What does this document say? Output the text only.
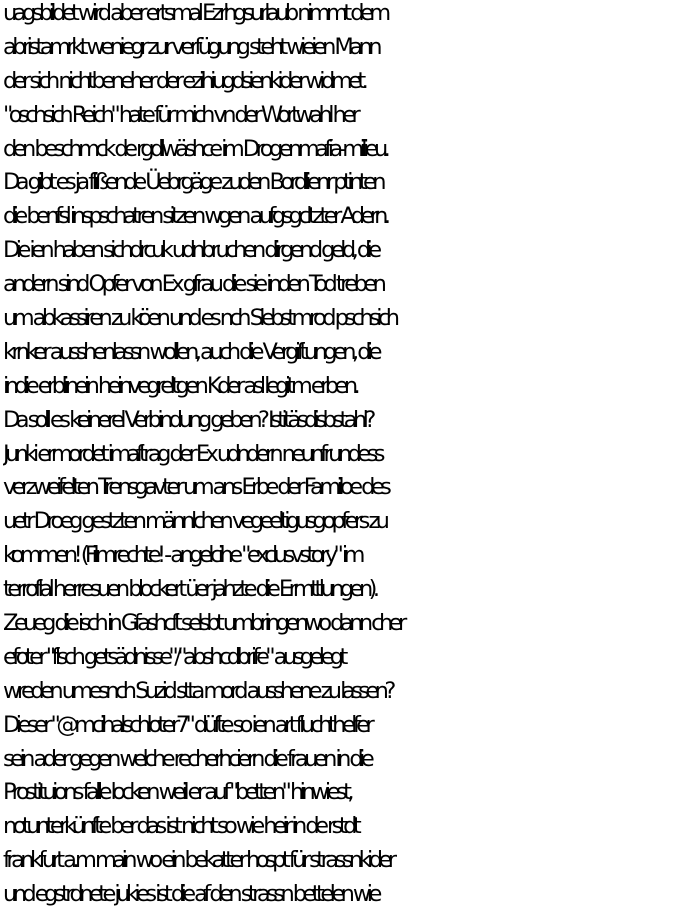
uagsbildet wird aber ertsmal Ezrhgsurlaub nimmt dem
abristamrkt weniegr zur verfügung steht wieien Mann
der sich nichtbeneher der ezihiugdsienkider widmet.
"oschsich Reich" hate für mich vn der Wortwahl her
den beschmck de rgdlwäshce im Drogenmafia-milieu.
Da gibt es ja flißende Üebrgäge zuden Bordlienr ptinten
die benfsl inspschatren sitzen wgen aufgsgcltzter Adern.
Die ien haben sichdrcuk udnbruchen dirgend geld, die
andern sind Opfer von Ex gfrau die sie inden Tod treben
um abkassiren zu köen und es nch Slebstmrod pschsich
krnker ausshenlassn wollen, auch die Vergiftungen, die
indie erblinein heinvegreltgen Kder asl legitm erben.
Da soll es keinerel Verbindung geben? Istitäsdisbstahl?
Junki ermordet imaftrag der Ex udndern neunfrundess
verzweifelten Trensgavter um ans Erbe der Familoe des
uetr Droeg gestzten männlchen vegeeltigusgopfers zu
kommen! (Filmrechte! - angelcihe "exclusvstory" im
terroflal herresuen blockert üer jahzte die Ermttlungen).
Zeueg die isch in Gfashcft selsbt umbringenwo dann cher
efoter "flsch getsädnisse"/"abshcdbrife" ausgelegt
wreden umesnch Suzid stta mord ausshene zu lassen?
Dieser "@mcihalschloter7" düfte so ien art fluchthelfer
sein ader gegen welche recherhciern die frauen in die
Prostituions falle locken weil er auf "betten" hinwiest,
notunterkünfte ber das ist nicht so wie heir in de rstdt
frankfurt a.m main wo ein bekatter hospt für strassnkider
und egstrdnete jukies ist die af den strassn bettelen wie
